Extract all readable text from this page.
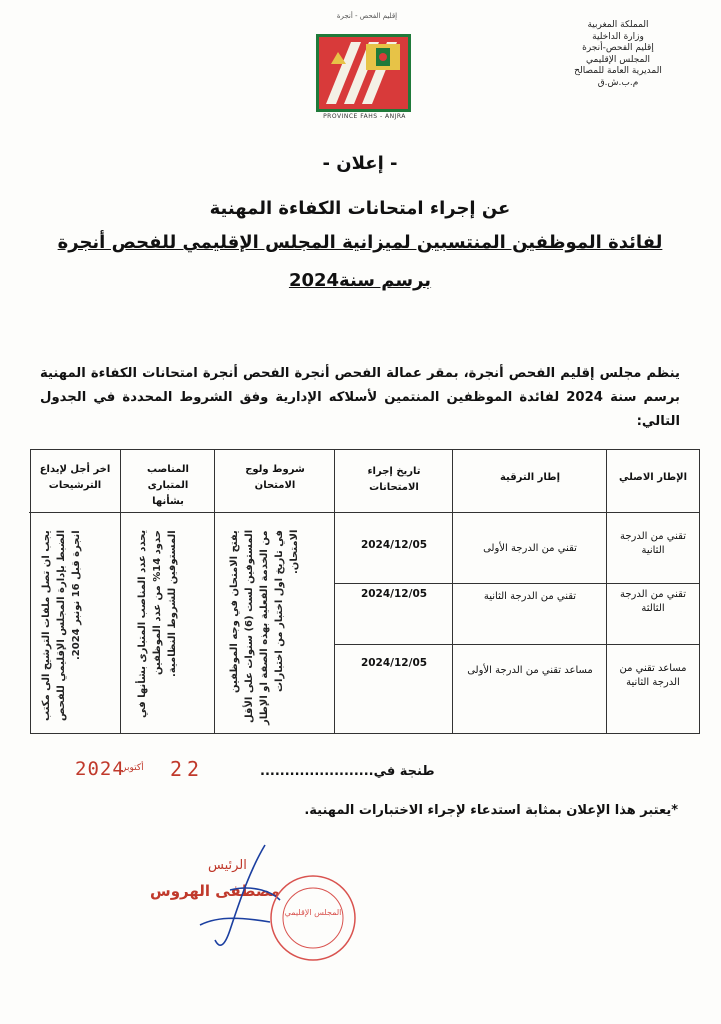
المملكة المغربية
وزارة الداخلية
إقليم الفحص-أنجرة
المجلس الإقليمي
المديرية العامة للمصالح
م.ب.ش.ق
إقليم الفحص - أنجرة
PROVINCE FAHS - ANJRA
- إعلان -
عن إجراء امتحانات الكفاءة المهنية
لفائدة الموظفين المنتسبين لميزانية المجلس الإقليمي للفحص أنجرة
برسم سنة2024
ينظم مجلس إقليم الفحص أنجرة، بمقر عمالة الفحص أنجرة الفحص أنجرة امتحانات الكفاءة المهنية برسم سنة 2024 لفائدة الموظفين المنتمين لأسلاكه الإدارية وفق الشروط المحددة في الجدول التالي:
الإطار الاصلي
إطار الترقية
تاريخ إجراء الامتحانات
شروط ولوج الامتحان
المناصب المتبارى بشأنها
اخر أجل لإيداع الترشيحات
تقني من الدرجة الثانية
تقني من الدرجة الأولى
2024/12/05
تقني من الدرجة الثالثة
تقني من الدرجة الثانية
2024/12/05
مساعد تقني من الدرجة الثانية
مساعد تقني من الدرجة الأولى
2024/12/05
يفتح الامتحان في وجه الموظفين المستوفين لست (6) سنوات على الأقل من الخدمة الفعلية بهذه الصفة او الإطار في تاريخ اول اختبار من اختبارات الامتحان.
يحدد عدد المناصب المتبارى بشأنها في حدود 14% من عدد الموظفين المستوفين للشروط النظامية.
يجب ان تصل ملفات الترشيح الى مكتب الضبط بإدارة المجلس الإقليمي للفحص انجرة قبل 16 نونبر 2024.
طنجة في.......................
2024
أكتوبر 22
*يعتبر هذا الإعلان بمثابة استدعاء لإجراء الاختبارات المهنية.
الرئيس
مصطفى الهروس
المجلس الإقليمي
